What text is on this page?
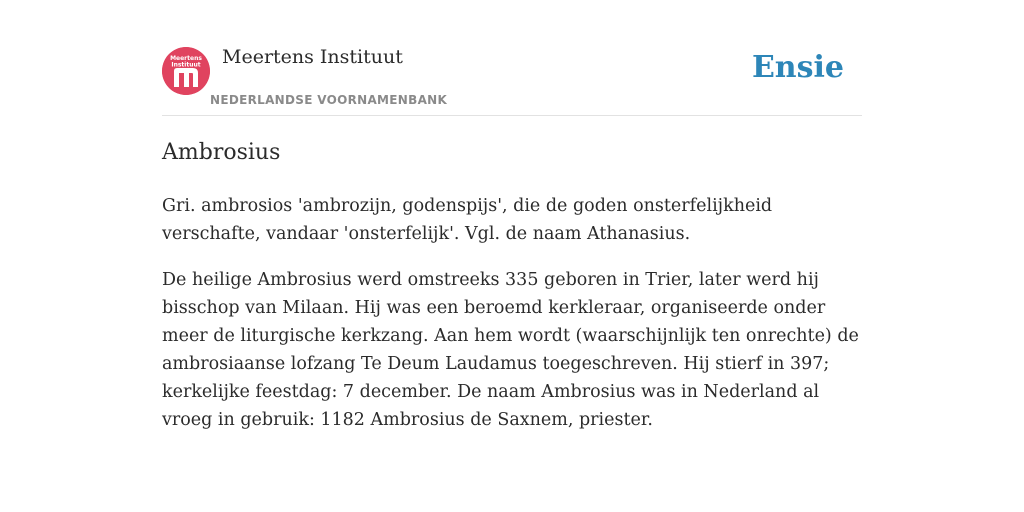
Meertens
Instituut Meertens Instituut
NEDERLANDSE VOORNAMENBANK
Ensie
Ambrosius

Gri. ambrosios 'ambrozijn, godenspijs', die de goden onsterfelijkheid verschafte, vandaar 'onsterfelijk'. Vgl. de naam Athanasius.

De heilige Ambrosius werd omstreeks 335 geboren in Trier, later werd hij bisschop van Milaan. Hij was een beroemd kerkleraar, organiseerde onder meer de liturgische kerkzang. Aan hem wordt (waarschijnlijk ten onrechte) de ambrosiaanse lofzang Te Deum Laudamus toegeschreven. Hij stierf in 397; kerkelijke feestdag: 7 december. De naam Ambrosius was in Nederland al vroeg in gebruik: 1182 Ambrosius de Saxnem, priester.
